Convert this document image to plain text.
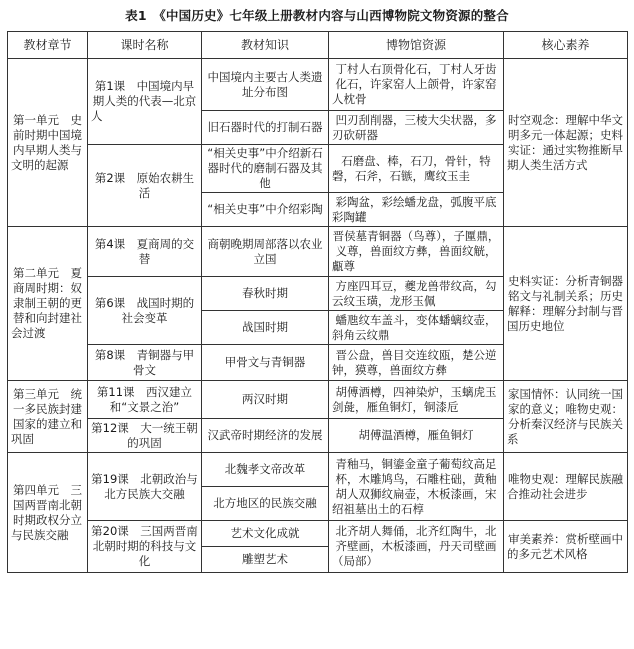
表1　《中国历史》七年级上册教材内容与山西博物院文物资源的整合
教材章节	课时名称	教材知识	博物馆资源	核心素养
第一单元　史前时期中国境内早期人类与文明的起源	第1课　中国境内早期人类的代表—北京人	中国境内主要古人类遗址分布图	丁村人右顶骨化石，丁村人牙齿化石，许家窑人上颌骨，许家窑人枕骨	时空观念：理解中华文明多元一体起源；史料实证：通过实物推断早期人类生活方式
		旧石器时代的打制石器	凹刃刮削器，三棱大尖状器，多刃砍研器	
	第2课　原始农耕生活	“相关史事”中介绍新石器时代的磨制石器及其他	石磨盘、棒，石刀，骨针，特磬，石斧，石镞，鹰纹玉圭	
		“相关史事”中介绍彩陶	彩陶盆，彩绘蟠龙盘，弧腹平底彩陶罐	
第二单元　夏商周时期：奴隶制王朝的更替和向封建社会过渡	第4课　夏商周的交替	商朝晚期周部落以农业立国	晋侯墓青铜器（鸟尊），子匰鼎，义尊，兽面纹方彝，兽面纹觥，甗尊	史料实证：分析青铜器铭文与礼制关系；历史解释：理解分封制与晋国历史地位
	第6课　战国时期的社会变革	春秋时期	方座四耳豆，夔龙兽带纹高，勾云纹玉璜，龙形玉佩	
		战国时期	蟠虺纹车盖斗，变体蟠螭纹壶，斜角云纹鼎	
	第8课　青铜器与甲骨文	甲骨文与青铜器	晋公盘，兽目交连纹瓯，楚公逆钟，獏尊，兽面纹方彝	
第三单元　统一多民族封建国家的建立和巩固	第11课　西汉建立和“文景之治”	两汉时期	胡傅酒樽，四神染炉，玉螭虎玉剑彘，雁鱼铜灯，铜漆卮	家国情怀：认同统一国家的意义；唯物史观：分析秦汉经济与民族关系
	第12课　大一统王朝的巩固	汉武帝时期经济的发展	胡傅温酒樽，雁鱼铜灯	
第四单元　三国两晋南北朝时期政权分立与民族交融	第19课　北朝政治与北方民族大交融	北魏孝文帝改革	青釉马，铜鎏金童子葡萄纹高足杯，木雕鸠鸟，石雕柱础，黄釉胡人双狮纹扁壶，木板漆画，宋绍祖墓出土的石椁	唯物史观：理解民族融合推动社会进步
		北方地区的民族交融		
	第20课　三国两晋南北朝时期的科技与文化	艺术文化成就	北齐胡人舞俑，北齐红陶牛，北齐壁画，木板漆画，丹天司壁画（局部）	审美素养：赏析壁画中的多元艺术风格
		雕塑艺术		
